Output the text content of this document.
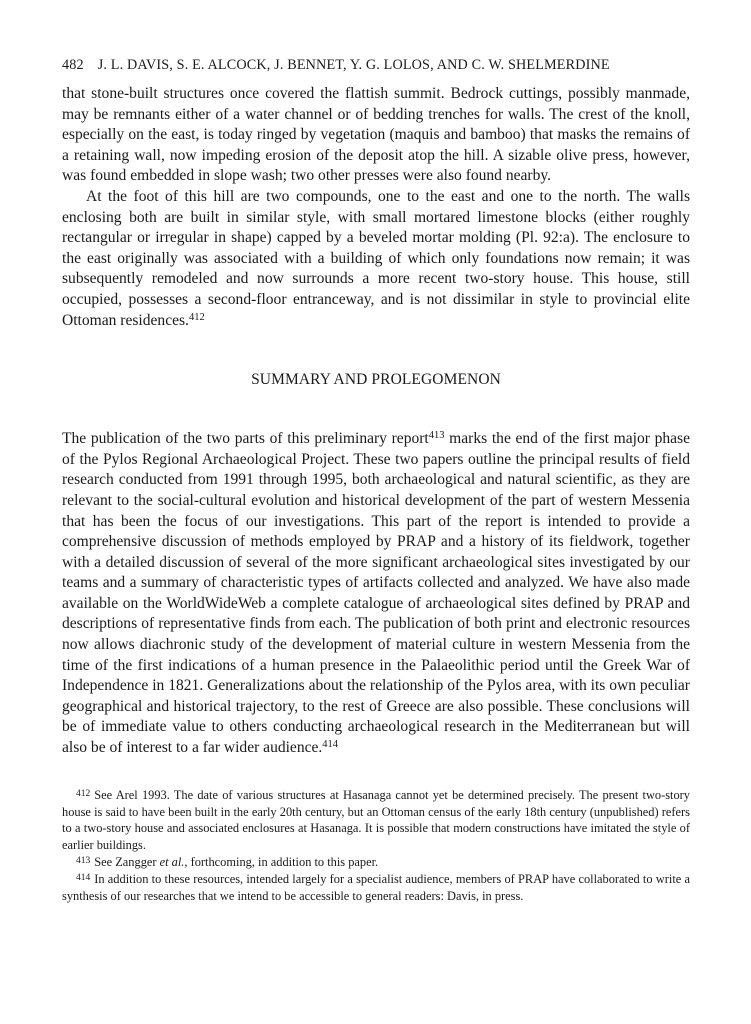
482 J. L. DAVIS, S. E. ALCOCK, J. BENNET, Y. G. LOLOS, AND C. W. SHELMERDINE

that stone-built structures once covered the flattish summit. Bedrock cuttings, possibly manmade, may be remnants either of a water channel or of bedding trenches for walls. The crest of the knoll, especially on the east, is today ringed by vegetation (maquis and bamboo) that masks the remains of a retaining wall, now impeding erosion of the deposit atop the hill. A sizable olive press, however, was found embedded in slope wash; two other presses were also found nearby.

At the foot of this hill are two compounds, one to the east and one to the north. The walls enclosing both are built in similar style, with small mortared limestone blocks (either roughly rectangular or irregular in shape) capped by a beveled mortar molding (Pl. 92:a). The enclosure to the east originally was associated with a building of which only foundations now remain; it was subsequently remodeled and now surrounds a more recent two-story house. This house, still occupied, possesses a second-floor entranceway, and is not dissimilar in style to provincial elite Ottoman residences.$^{412}$

SUMMARY AND PROLEGOMENON

The publication of the two parts of this preliminary report$^{413}$ marks the end of the first major phase of the Pylos Regional Archaeological Project. These two papers outline the principal results of field research conducted from 1991 through 1995, both archaeological and natural scientific, as they are relevant to the social-cultural evolution and historical development of the part of western Messenia that has been the focus of our investigations. This part of the report is intended to provide a comprehensive discussion of methods employed by PRAP and a history of its fieldwork, together with a detailed discussion of several of the more significant archaeological sites investigated by our teams and a summary of characteristic types of artifacts collected and analyzed. We have also made available on the WorldWideWeb a complete catalogue of archaeological sites defined by PRAP and descriptions of representative finds from each. The publication of both print and electronic resources now allows diachronic study of the development of material culture in western Messenia from the time of the first indications of a human presence in the Palaeolithic period until the Greek War of Independence in 1821. Generalizations about the relationship of the Pylos area, with its own peculiar geographical and historical trajectory, to the rest of Greece are also possible. These conclusions will be of immediate value to others conducting archaeological research in the Mediterranean but will also be of interest to a far wider audience.$^{414}$

$^{412}$ See Arel 1993. The date of various structures at Hasanaga cannot yet be determined precisely. The present two-story house is said to have been built in the early 20th century, but an Ottoman census of the early 18th century (unpublished) refers to a two-story house and associated enclosures at Hasanaga. It is possible that modern constructions have imitated the style of earlier buildings.

$^{413}$ See Zangger et al., forthcoming, in addition to this paper.

$^{414}$ In addition to these resources, intended largely for a specialist audience, members of PRAP have collaborated to write a synthesis of our researches that we intend to be accessible to general readers: Davis, in press.
